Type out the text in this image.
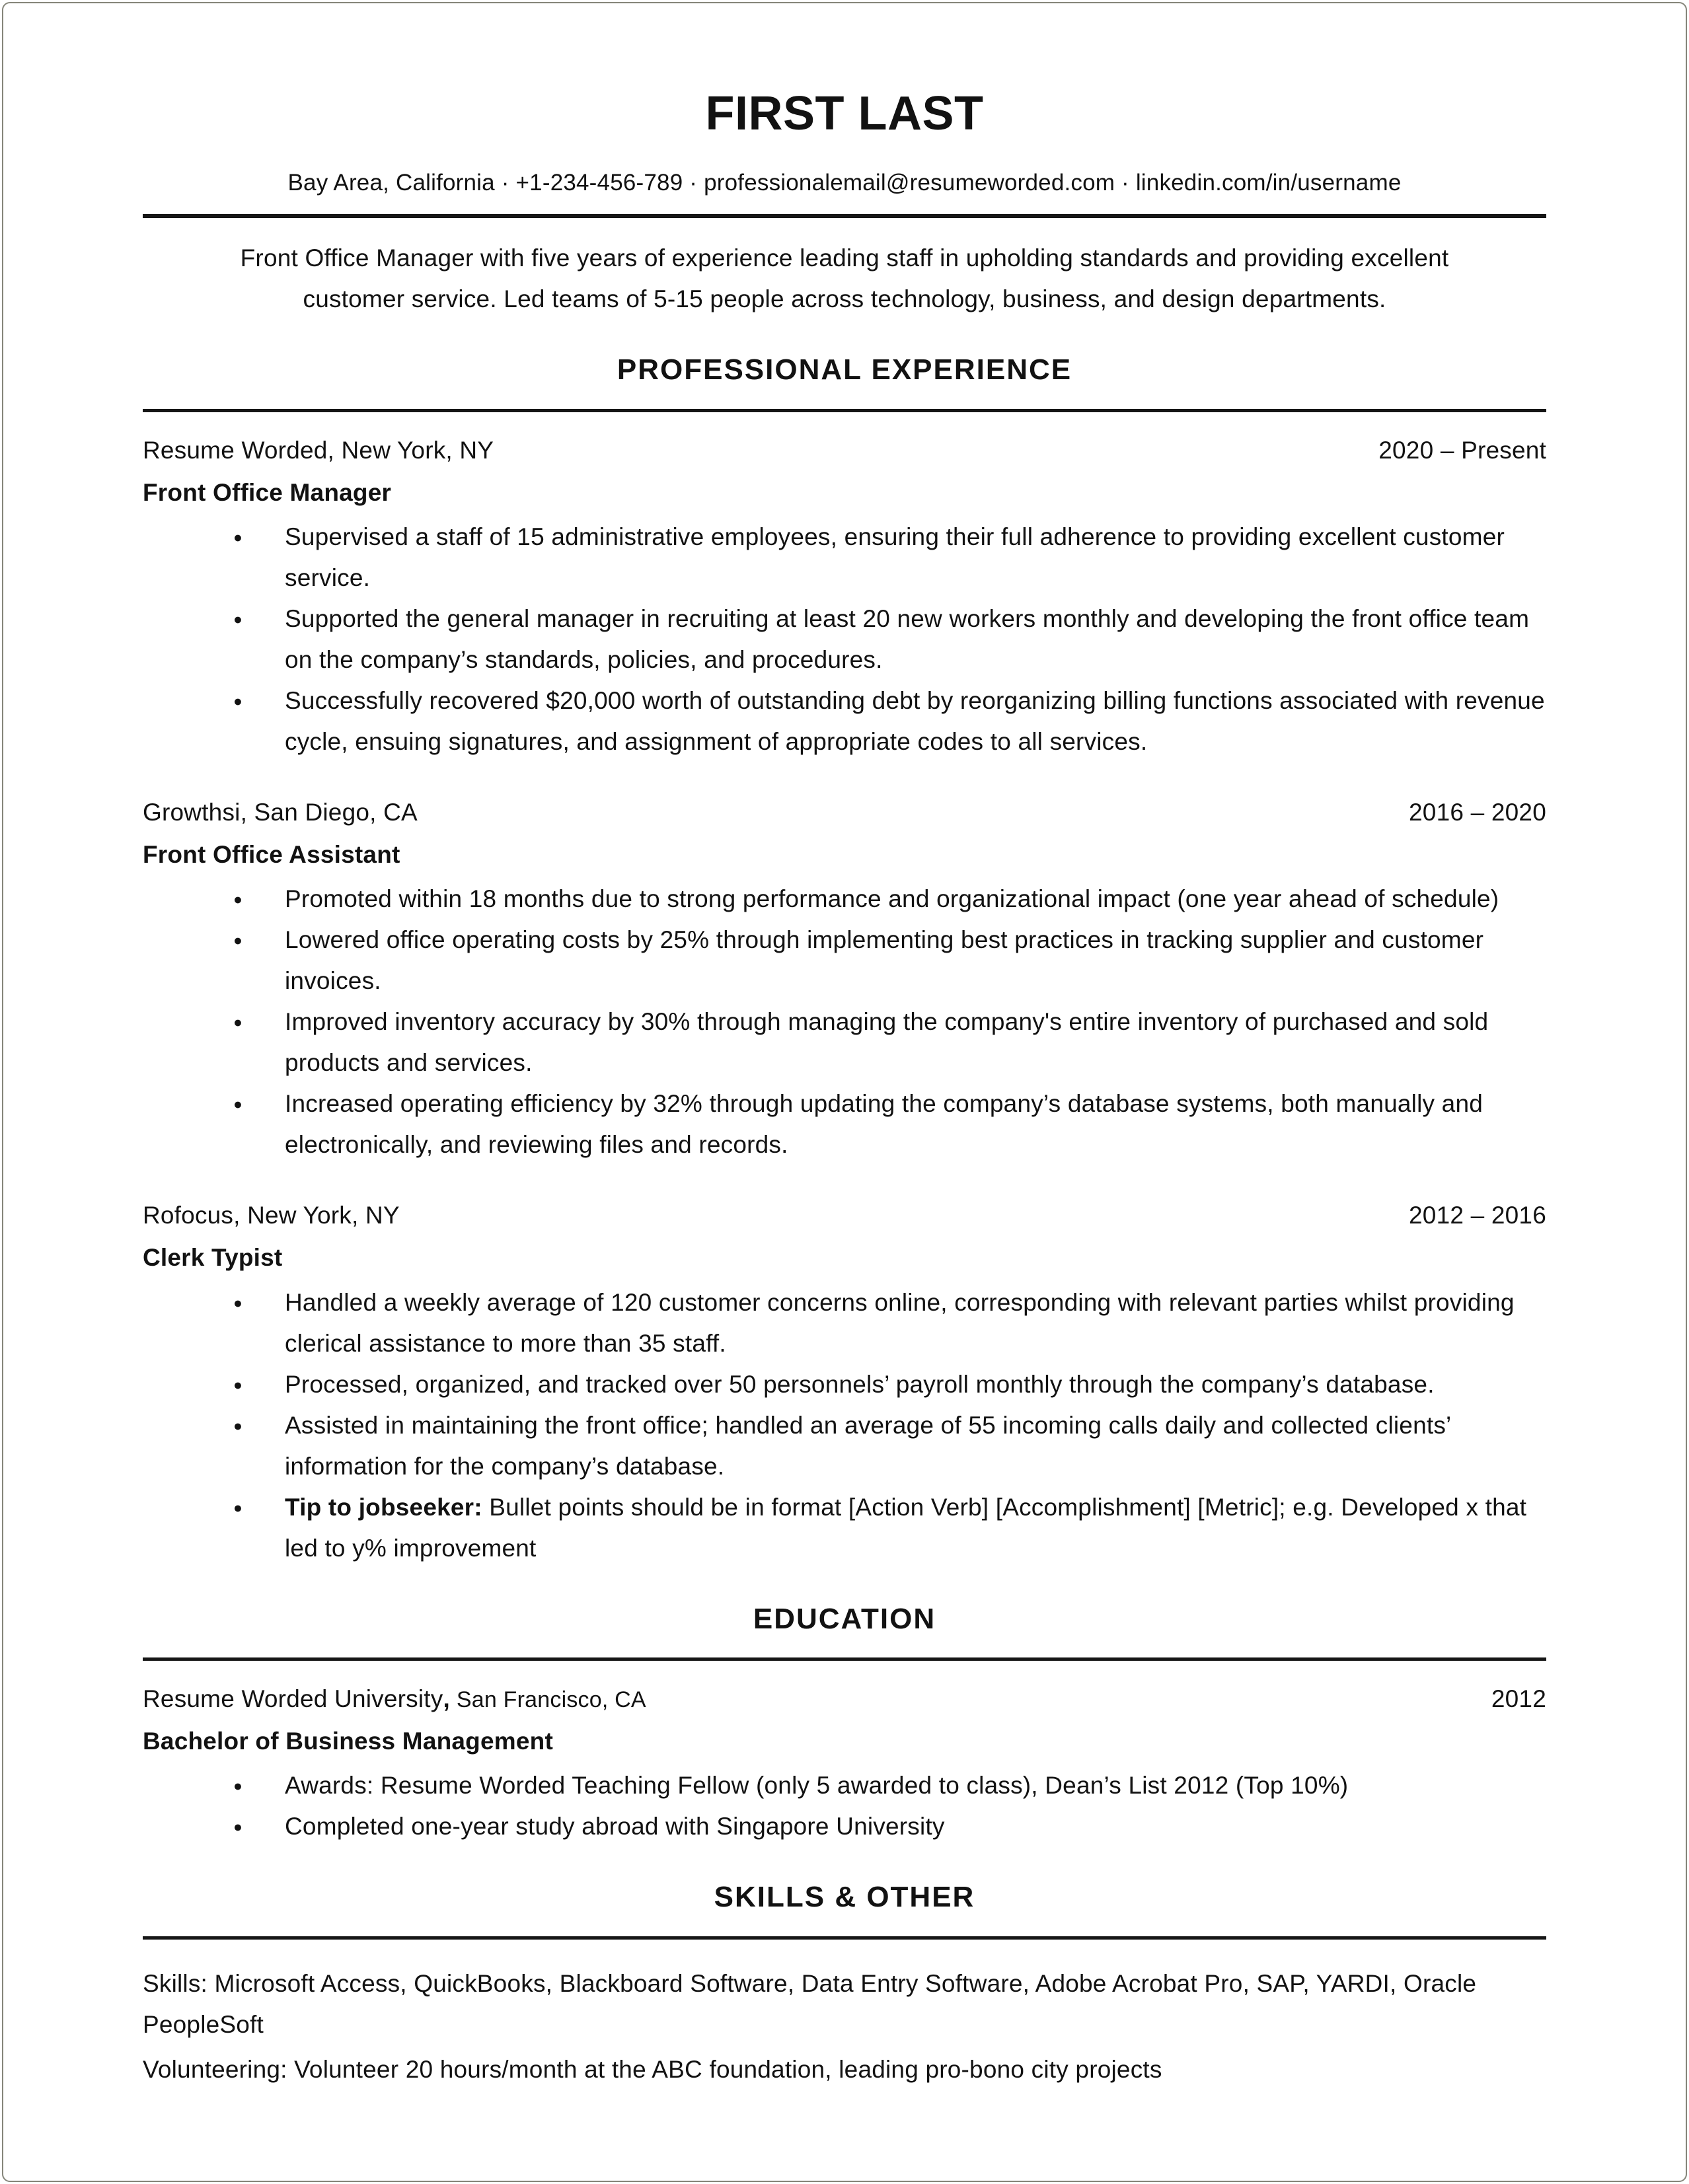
FIRST LAST
Bay Area, California · +1-234-456-789 · professionalemail@resumeworded.com · linkedin.com/in/username

Front Office Manager with five years of experience leading staff in upholding standards and providing excellent customer service. Led teams of 5-15 people across technology, business, and design departments.

PROFESSIONAL EXPERIENCE
Resume Worded, New York, NY	2020 – Present
Front Office Manager
● Supervised a staff of 15 administrative employees, ensuring their full adherence to providing excellent customer service.
● Supported the general manager in recruiting at least 20 new workers monthly and developing the front office team on the company’s standards, policies, and procedures.
● Successfully recovered $20,000 worth of outstanding debt by reorganizing billing functions associated with revenue cycle, ensuing signatures, and assignment of appropriate codes to all services.
Growthsi, San Diego, CA	2016 – 2020
Front Office Assistant
● Promoted within 18 months due to strong performance and organizational impact (one year ahead of schedule)
● Lowered office operating costs by 25% through implementing best practices in tracking supplier and customer invoices.
● Improved inventory accuracy by 30% through managing the company's entire inventory of purchased and sold products and services.
● Increased operating efficiency by 32% through updating the company’s database systems, both manually and electronically, and reviewing files and records.
Rofocus, New York, NY	2012 – 2016
Clerk Typist
● Handled a weekly average of 120 customer concerns online, corresponding with relevant parties whilst providing clerical assistance to more than 35 staff.
● Processed, organized, and tracked over 50 personnels’ payroll monthly through the company’s database.
● Assisted in maintaining the front office; handled an average of 55 incoming calls daily and collected clients’ information for the company’s database.
● Tip to jobseeker: Bullet points should be in format [Action Verb] [Accomplishment] [Metric]; e.g. Developed x that led to y% improvement
EDUCATION
Resume Worded University, San Francisco, CA	2012
Bachelor of Business Management
● Awards: Resume Worded Teaching Fellow (only 5 awarded to class), Dean’s List 2012 (Top 10%)
● Completed one-year study abroad with Singapore University
SKILLS & OTHER

Skills: Microsoft Access, QuickBooks, Blackboard Software, Data Entry Software, Adobe Acrobat Pro, SAP, YARDI, Oracle PeopleSoft

Volunteering: Volunteer 20 hours/month at the ABC foundation, leading pro-bono city projects
